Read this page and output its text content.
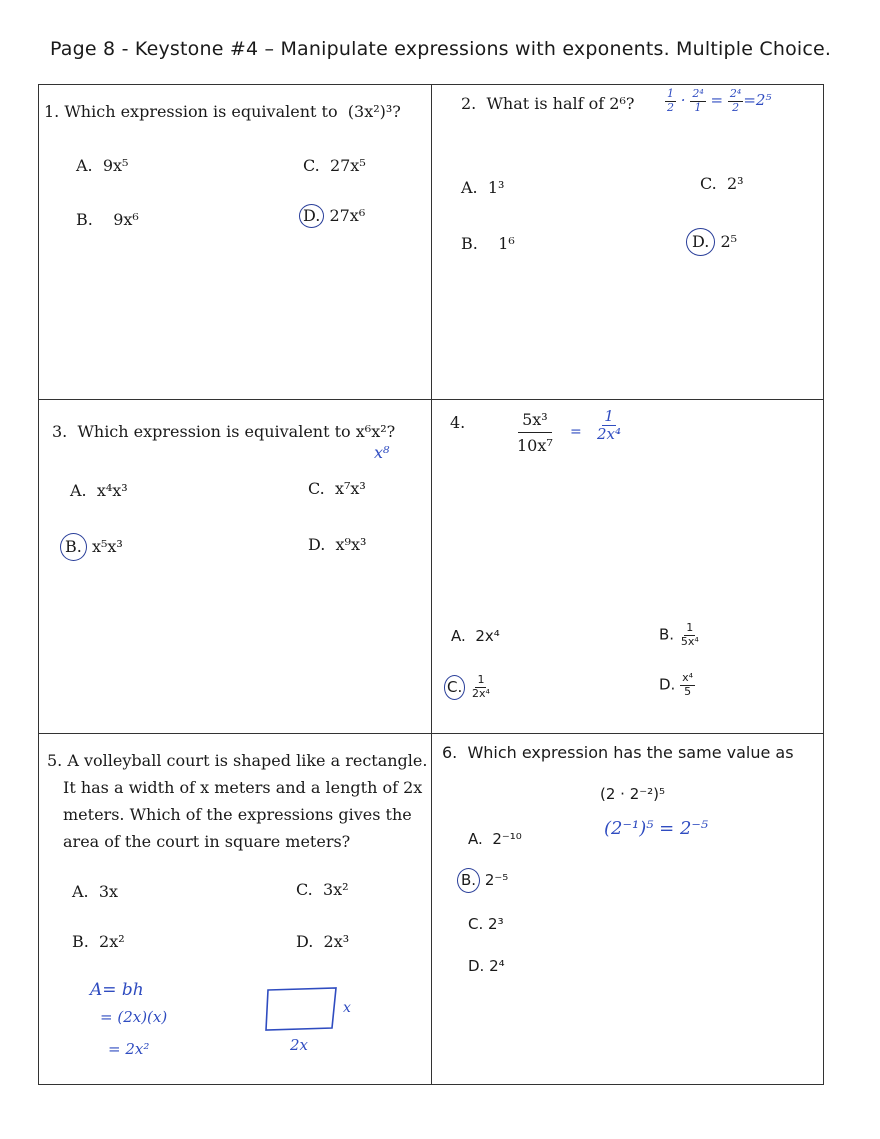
Page 8 - Keystone #4 – Manipulate expressions with exponents. Multiple Choice.
1. Which expression is equivalent to (3x²)³?
A. 9x⁵
B. 9x⁶
C. 27x⁵
D. 27x⁶
2. What is half of 2⁶?	$\frac{1}{2} \cdot \frac{\text{2⁴}}{1} = \frac{\text{2⁴}}{2} =2^5$
A. 1³
B. 1⁶
C. 2³
D. 2⁵
3. Which expression is equivalent to x⁶x²?
x⁸
A. x⁴x³
B. x⁵x³
C. x⁷x³
D. x⁹x³
4.	$\frac{\text{5x³}}{\text{10x⁷}} = \frac{1}{\text{2x⁴}}$
A. 2x⁴
C. $\frac{1}{\text{2x⁴}}$
B. $\frac{1}{\text{5x⁴}}$
D. $\frac{\text{x⁴}}{5}$
5. A volleyball court is shaped like a rectangle.
It has a width of x meters and a length of 2x
meters. Which of the expressions gives the
area of the court in square meters?
A. 3x
B. 2x²
C. 3x²
D. 2x³
A= bh
= (2x)(x)
= 2x²
x
2x
6. Which expression has the same value as
(2 · 2⁻²)⁵
(2⁻¹)⁵ = 2⁻⁵
A. 2⁻¹⁰
B. 2⁻⁵
C. 2³
D. 2⁴
